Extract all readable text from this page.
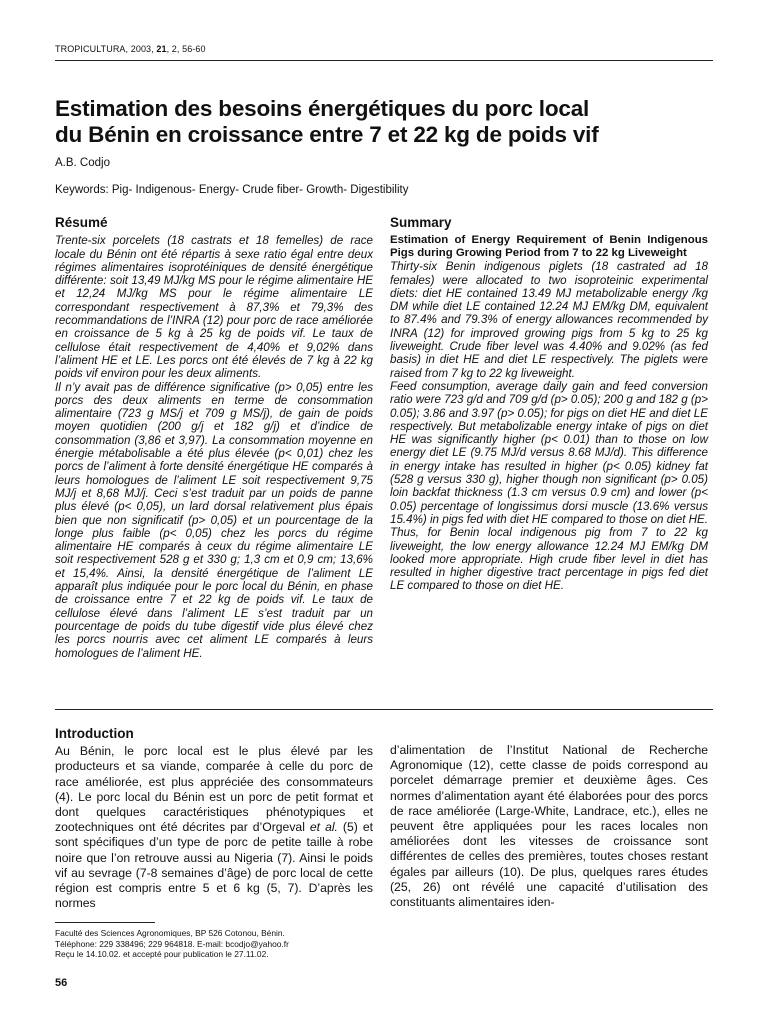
TROPICULTURA, 2003, 21, 2, 56-60
Estimation des besoins énergétiques du porc local
du Bénin en croissance entre 7 et 22 kg de poids vif
A.B. Codjo
Keywords: Pig- Indigenous- Energy- Crude fiber- Growth- Digestibility
Résumé

Trente-six porcelets (18 castrats et 18 femelles) de race locale du Bénin ont été répartis à sexe ratio égal entre deux régimes alimentaires isoprotéiniques de densité énergétique différente: soit 13,49 MJ/kg MS pour le régime alimentaire HE et 12,24 MJ/kg MS pour le régime alimentaire LE correspondant respectivement à 87,3% et 79,3% des recommandations de l’INRA (12) pour porc de race améliorée en croissance de 5 kg à 25 kg de poids vif. Le taux de cellulose était respectivement de 4,40% et 9,02% dans l’aliment HE et LE. Les porcs ont été élevés de 7 kg à 22 kg poids vif environ pour les deux aliments.

Il n’y avait pas de différence significative (p> 0,05) entre les porcs des deux aliments en terme de consommation alimentaire (723 g MS/j et 709 g MS/j), de gain de poids moyen quotidien (200 g/j et 182 g/j) et d’indice de consommation (3,86 et 3,97). La consommation moyenne en énergie métabolisable a été plus élevée (p< 0,01) chez les porcs de l’aliment à forte densité énergétique HE comparés à leurs homologues de l’aliment LE soit respectivement 9,75 MJ/j et 8,68 MJ/j. Ceci s’est traduit par un poids de panne plus élevé (p< 0,05), un lard dorsal relativement plus épais bien que non significatif (p> 0,05) et un pourcentage de la longe plus faible (p< 0,05) chez les porcs du régime alimentaire HE comparés à ceux du régime alimentaire LE soit respectivement 528 g et 330 g; 1,3 cm et 0,9 cm; 13,6% et 15,4%. Ainsi, la densité énergétique de l’aliment LE apparaît plus indiquée pour le porc local du Bénin, en phase de croissance entre 7 et 22 kg de poids vif. Le taux de cellulose élevé dans l’aliment LE s’est traduit par un pourcentage de poids du tube digestif vide plus élevé chez les porcs nourris avec cet aliment LE comparés à leurs homologues de l’aliment HE.

Summary

Estimation of Energy Requirement of Benin Indigenous Pigs during Growing Period from 7 to 22 kg Liveweight

Thirty-six Benin indigenous piglets (18 castrated ad 18 females) were allocated to two isoproteinic experimental diets: diet HE contained 13.49 MJ metabolizable energy /kg DM while diet LE contained 12.24 MJ EM/kg DM, equivalent to 87.4% and 79.3% of energy allowances recommended by INRA (12) for improved growing pigs from 5 kg to 25 kg liveweight. Crude fiber level was 4.40% and 9.02% (as fed basis) in diet HE and diet LE respectively. The piglets were raised from 7 kg to 22 kg liveweight.

Feed consumption, average daily gain and feed conversion ratio were 723 g/d and 709 g/d (p> 0.05); 200 g and 182 g (p> 0.05); 3.86 and 3.97 (p> 0.05); for pigs on diet HE and diet LE respectively. But metabolizable energy intake of pigs on diet HE was significantly higher (p< 0.01) than to those on low energy diet LE (9.75 MJ/d versus 8.68 MJ/d). This difference in energy intake has resulted in higher (p< 0.05) kidney fat (528 g versus 330 g), higher though non significant (p> 0.05) loin backfat thickness (1.3 cm versus 0.9 cm) and lower (p< 0.05) percentage of longissimus dorsi muscle (13.6% versus 15.4%) in pigs fed with diet HE compared to those on diet HE. Thus, for Benin local indigenous pig from 7 to 22 kg liveweight, the low energy allowance 12.24 MJ EM/kg DM looked more appropriate. High crude fiber level in diet has resulted in higher digestive tract percentage in pigs fed diet LE compared to those on diet HE.

Introduction

Au Bénin, le porc local est le plus élevé par les producteurs et sa viande, comparée à celle du porc de race améliorée, est plus appréciée des consommateurs (4). Le porc local du Bénin est un porc de petit format et dont quelques caractéristiques phénotypiques et zootechniques ont été décrites par d’Orgeval et al. (5) et sont spécifiques d’un type de porc de petite taille à robe noire que l’on retrouve aussi au Nigeria (7). Ainsi le poids vif au sevrage (7-8 semaines d’âge) de porc local de cette région est compris entre 5 et 6 kg (5, 7). D’après les normes

d’alimentation de l’Institut National de Recherche Agronomique (12), cette classe de poids correspond au porcelet démarrage premier et deuxième âges. Ces normes d’alimentation ayant été élaborées pour des porcs de race améliorée (Large-White, Landrace, etc.), elles ne peuvent être appliquées pour les races locales non améliorées dont les vitesses de croissance sont différentes de celles des premières, toutes choses restant égales par ailleurs (10). De plus, quelques rares études (25, 26) ont révélé une capacité d’utilisation des constituants alimentaires iden-

Faculté des Sciences Agronomiques, BP 526 Cotonou, Bénin.
Téléphone: 229 338496; 229 964818. E-mail: bcodjo@yahoo.fr
Reçu le 14.10.02. et accepté pour publication le 27.11.02.
56
